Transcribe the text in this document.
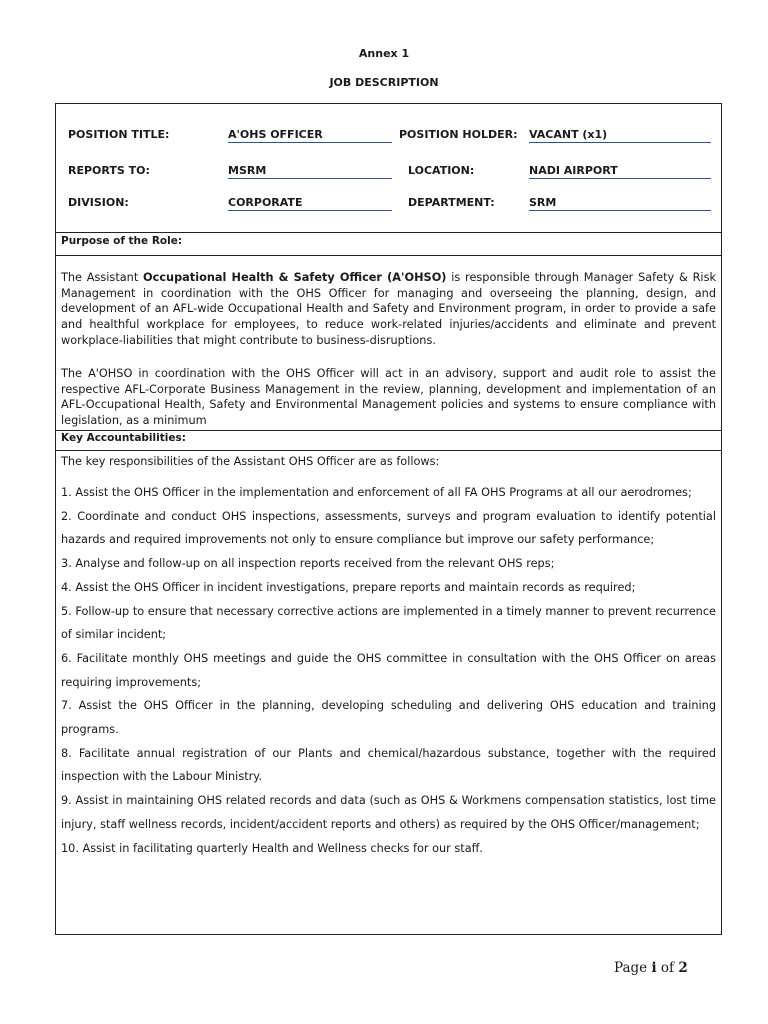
Annex 1
JOB DESCRIPTION
POSITION TITLE:	A'OHS OFFICER	POSITION HOLDER: VACANT (x1)
REPORTS TO:	MSRM	LOCATION:	NADI AIRPORT
DIVISION:	CORPORATE	DEPARTMENT:	SRM
Purpose of the Role:
The Assistant Occupational Health & Safety Officer (A'OHSO) is responsible through Manager Safety & Risk Management in coordination with the OHS Officer for managing and overseeing the planning, design, and development of an AFL-wide Occupational Health and Safety and Environment program, in order to provide a safe and healthful workplace for employees, to reduce work-related injuries/accidents and eliminate and prevent workplace-liabilities that might contribute to business-disruptions.
The A'OHSO in coordination with the OHS Officer will act in an advisory, support and audit role to assist the respective AFL-Corporate Business Management in the review, planning, development and implementation of an AFL-Occupational Health, Safety and Environmental Management policies and systems to ensure compliance with legislation, as a minimum
Key Accountabilities:
The key responsibilities of the Assistant OHS Officer are as follows:

1. Assist the OHS Officer in the implementation and enforcement of all FA OHS Programs at all our aerodromes;

2. Coordinate and conduct OHS inspections, assessments, surveys and program evaluation to identify potential hazards and required improvements not only to ensure compliance but improve our safety performance;

3. Analyse and follow-up on all inspection reports received from the relevant OHS reps;

4. Assist the OHS Officer in incident investigations, prepare reports and maintain records as required;

5. Follow-up to ensure that necessary corrective actions are implemented in a timely manner to prevent recurrence of similar incident;

6. Facilitate monthly OHS meetings and guide the OHS committee in consultation with the OHS Officer on areas requiring improvements;

7. Assist the OHS Officer in the planning, developing scheduling and delivering OHS education and training programs.

8. Facilitate annual registration of our Plants and chemical/hazardous substance, together with the required inspection with the Labour Ministry.

9. Assist in maintaining OHS related records and data (such as OHS & Workmens compensation statistics, lost time injury, staff wellness records, incident/accident reports and others) as required by the OHS Officer/management;

10. Assist in facilitating quarterly Health and Wellness checks for our staff.

Page i of 2
